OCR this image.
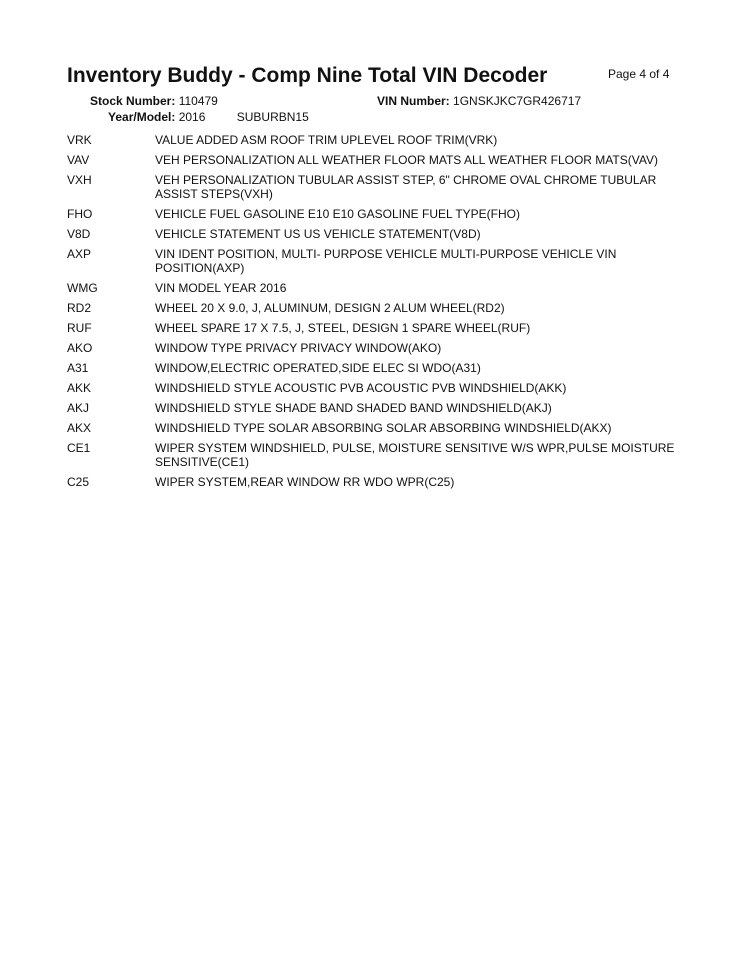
Inventory Buddy - Comp Nine Total VIN Decoder	Page 4 of 4
Stock Number: 110479	VIN Number: 1GNSKJKC7GR426717
Year/Model: 2016	SUBURBN15
VRK	VALUE ADDED ASM ROOF TRIM UPLEVEL ROOF TRIM(VRK)
VAV	VEH PERSONALIZATION ALL WEATHER FLOOR MATS ALL WEATHER FLOOR MATS(VAV)
VXH	VEH PERSONALIZATION TUBULAR ASSIST STEP, 6" CHROME OVAL CHROME TUBULAR ASSIST STEPS(VXH)
FHO	VEHICLE FUEL GASOLINE E10 E10 GASOLINE FUEL TYPE(FHO)
V8D	VEHICLE STATEMENT US US VEHICLE STATEMENT(V8D)
AXP	VIN IDENT POSITION, MULTI- PURPOSE VEHICLE MULTI-PURPOSE VEHICLE VIN POSITION(AXP)
WMG	VIN MODEL YEAR 2016
RD2	WHEEL 20 X 9.0, J, ALUMINUM, DESIGN 2 ALUM WHEEL(RD2)
RUF	WHEEL SPARE 17 X 7.5, J, STEEL, DESIGN 1 SPARE WHEEL(RUF)
AKO	WINDOW TYPE PRIVACY PRIVACY WINDOW(AKO)
A31	WINDOW,ELECTRIC OPERATED,SIDE ELEC SI WDO(A31)
AKK	WINDSHIELD STYLE ACOUSTIC PVB ACOUSTIC PVB WINDSHIELD(AKK)
AKJ	WINDSHIELD STYLE SHADE BAND SHADED BAND WINDSHIELD(AKJ)
AKX	WINDSHIELD TYPE SOLAR ABSORBING SOLAR ABSORBING WINDSHIELD(AKX)
CE1	WIPER SYSTEM WINDSHIELD, PULSE, MOISTURE SENSITIVE W/S WPR,PULSE MOISTURE SENSITIVE(CE1)
C25	WIPER SYSTEM,REAR WINDOW RR WDO WPR(C25)
